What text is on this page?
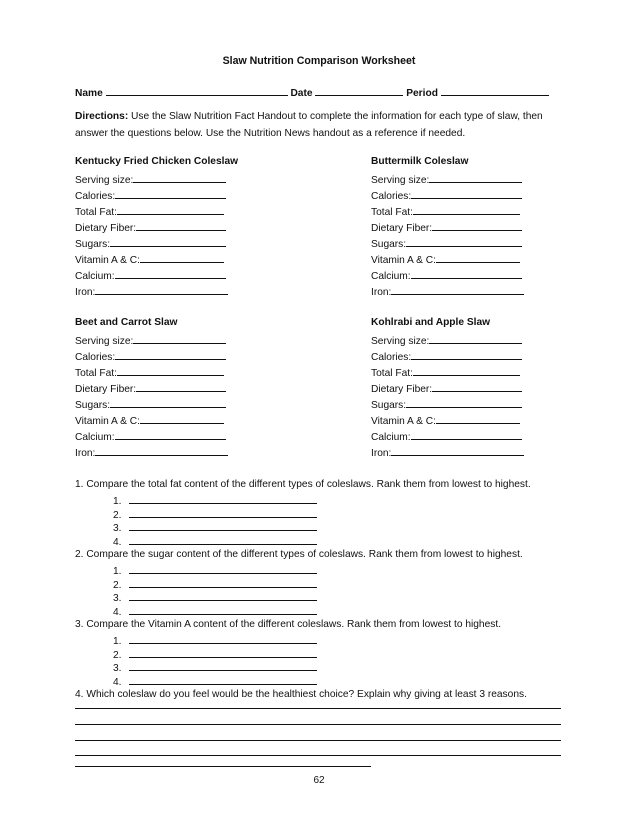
Slaw Nutrition Comparison Worksheet
Name	Date	Period
Directions: Use the Slaw Nutrition Fact Handout to complete the information for each type of slaw, then
answer the questions below. Use the Nutrition News handout as a reference if needed.
Kentucky Fried Chicken Coleslaw
Serving size:
Calories:
Total Fat:
Dietary Fiber:
Sugars:
Vitamin A & C:
Calcium:
Iron:
Buttermilk Coleslaw
Serving size:
Calories:
Total Fat:
Dietary Fiber:
Sugars:
Vitamin A & C:
Calcium:
Iron:
Beet and Carrot Slaw
Serving size:
Calories:
Total Fat:
Dietary Fiber:
Sugars:
Vitamin A & C:
Calcium:
Iron:
Kohlrabi and Apple Slaw
Serving size:
Calories:
Total Fat:
Dietary Fiber:
Sugars:
Vitamin A & C:
Calcium:
Iron:
1. Compare the total fat content of the different types of coleslaws. Rank them from lowest to highest.
1.
2.
3.
4.
2. Compare the sugar content of the different types of coleslaws. Rank them from lowest to highest.
1.
2.
3.
4.
3. Compare the Vitamin A content of the different coleslaws. Rank them from lowest to highest.
1.
2.
3.
4.
4. Which coleslaw do you feel would be the healthiest choice? Explain why giving at least 3 reasons.
62
